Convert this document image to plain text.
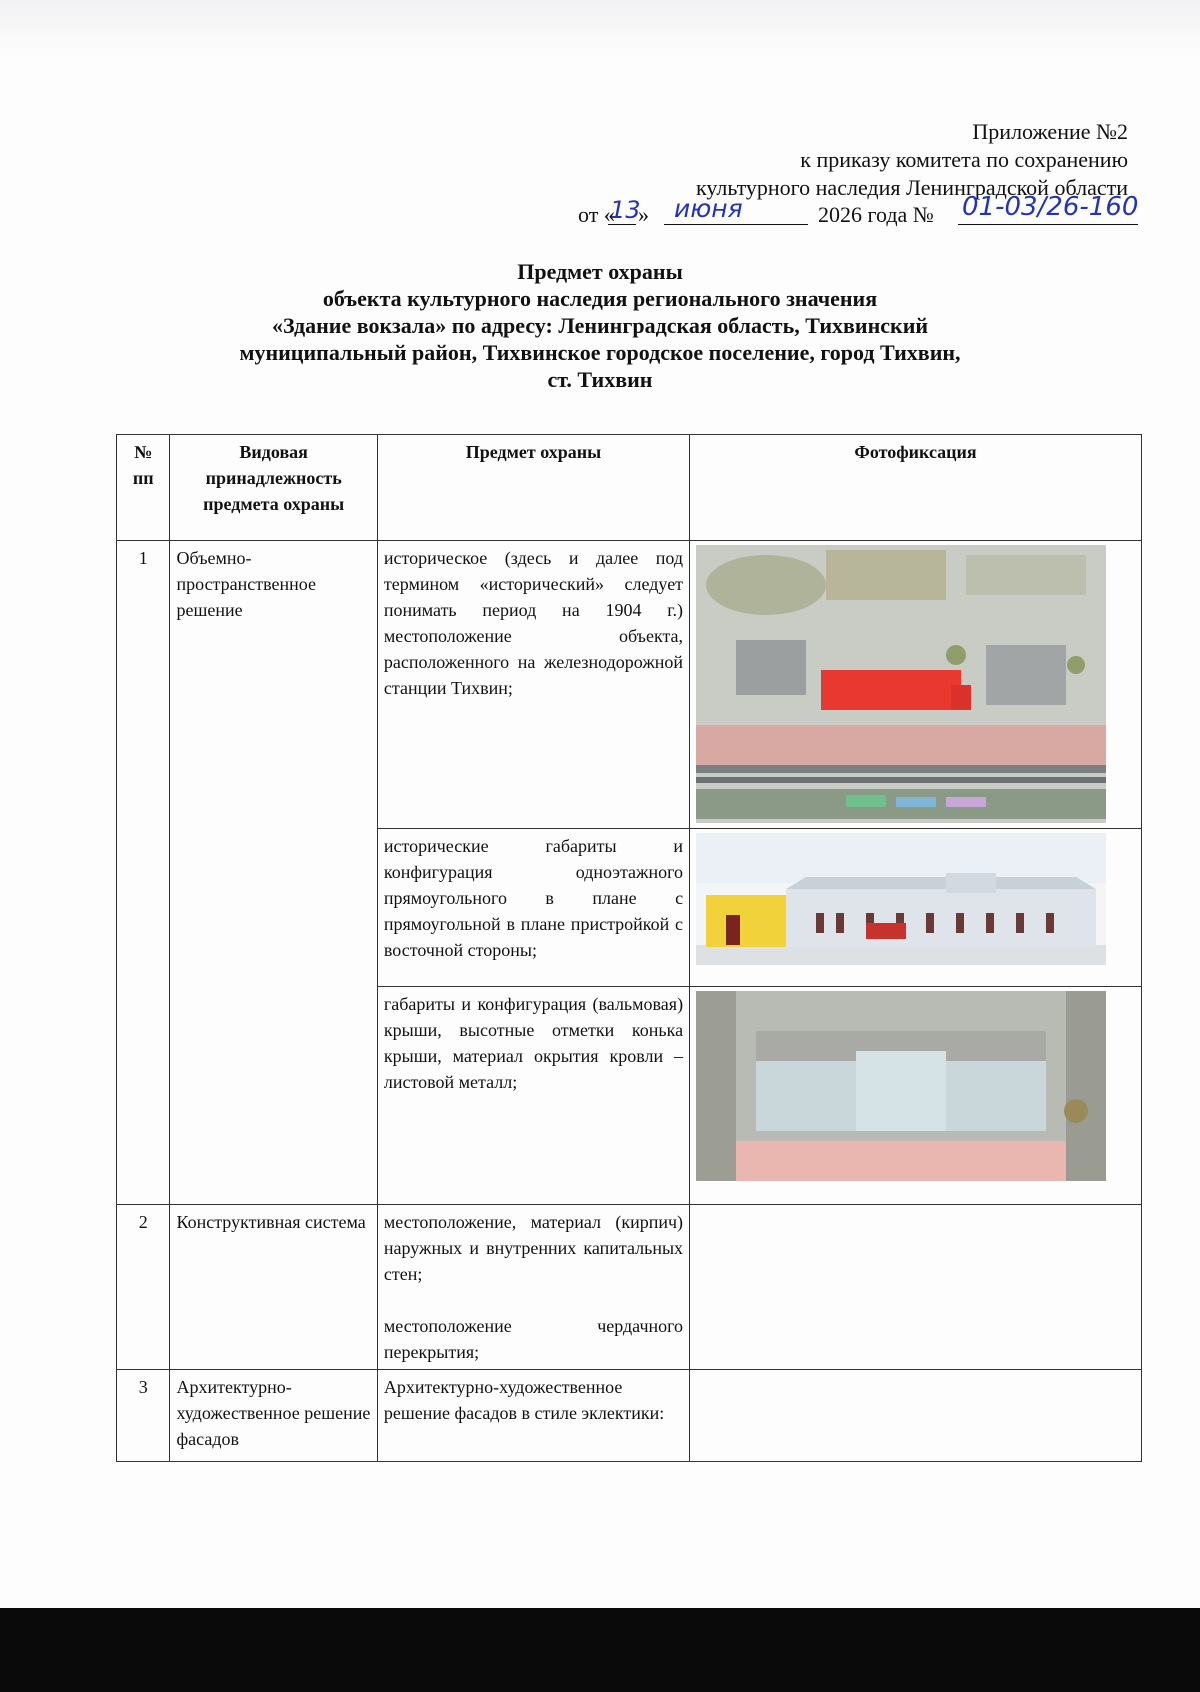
Приложение №2
к приказу комитета по сохранению
культурного наследия Ленинградской области
от «
13
» июня	2026 года № 01-03/26-160
Предмет охраны
объекта культурного наследия регионального значения
«Здание вокзала» по адресу: Ленинградская область, Тихвинский
муниципальный район, Тихвинское городское поселение, город Тихвин,
ст. Тихвин
№ пп	Видовая принадлежность предмета охраны	Предмет охраны	Фотофиксация
1	Объемно-пространственное решение	историческое (здесь и далее под термином «исторический» следует понимать период на 1904 г.) местоположение объекта, расположенного на железнодорожной станции Тихвин;	

		исторические габариты и конфигурация одноэтажного прямоугольного в плане с прямоугольной в плане пристройкой с восточной стороны;	

		габариты и конфигурация (вальмовая) крыши, высотные отметки конька крыши, материал окрытия кровли – листовой металл;	

2	Конструктивная система	местоположение, материал (кирпич) наружных и внутренних капитальных стен;
местоположение чердачного перекрытия;	

3	Архитектурно-художественное решение фасадов	Архитектурно-художественное решение фасадов в стиле эклектики:	
